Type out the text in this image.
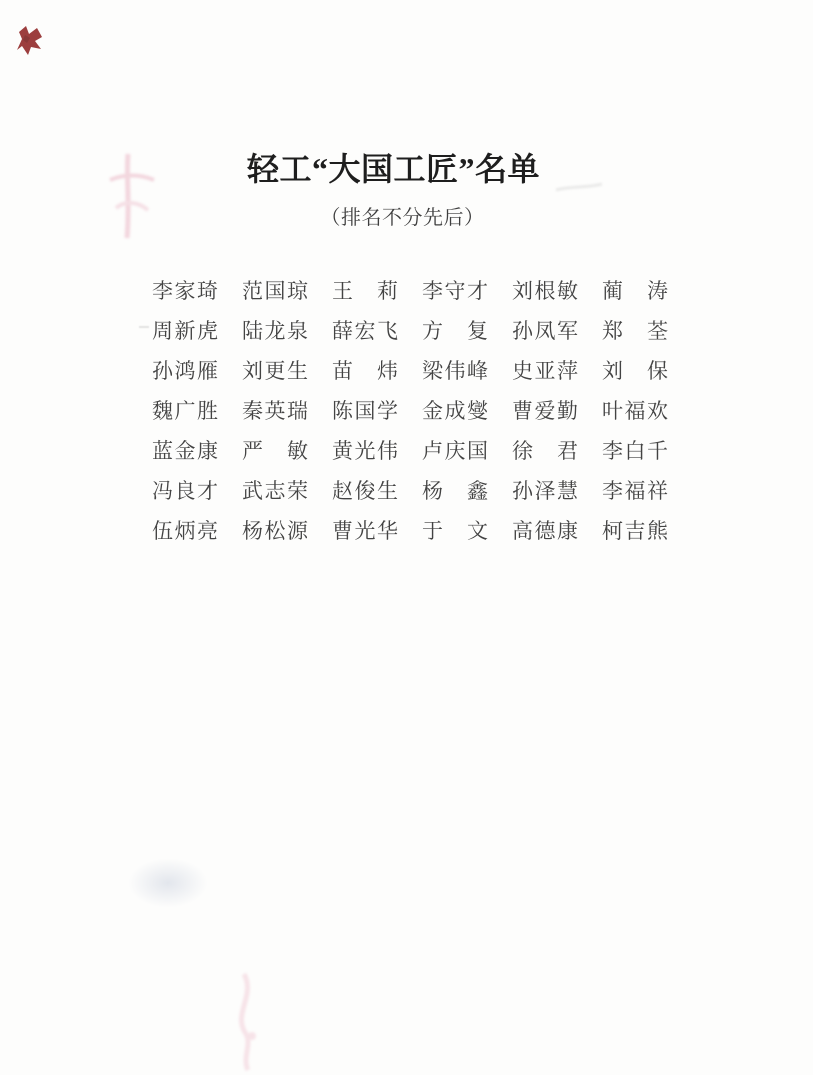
轻工“大国工匠”名单
（排名不分先后）
李家琦 范国琼 王　莉 李守才 刘根敏 蔺　涛
周新虎 陆龙泉 薛宏飞 方　复 孙凤军 郑　荃
孙鸿雁 刘更生 苗　炜 梁伟峰 史亚萍 刘　保
魏广胜 秦英瑞 陈国学 金成燮 曹爱勤 叶福欢
蓝金康 严　敏 黄光伟 卢庆国 徐　君 李白千
冯良才 武志荣 赵俊生 杨　鑫 孙泽慧 李福祥
伍炳亮 杨松源 曹光华 于　文 高德康 柯吉熊
